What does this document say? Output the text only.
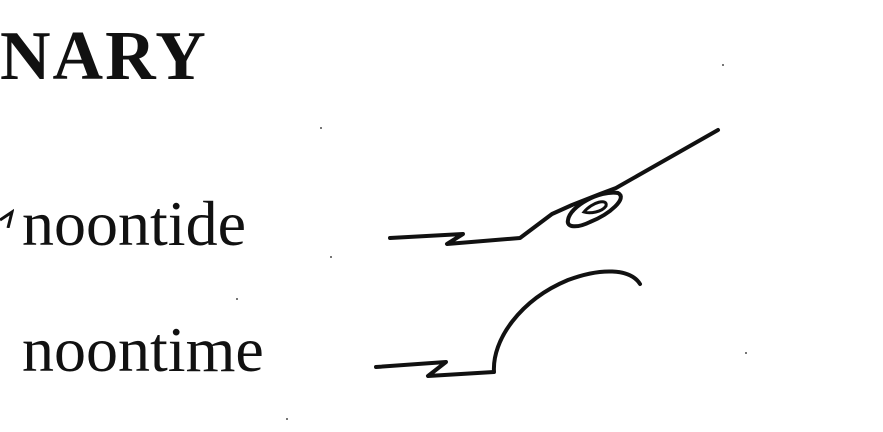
NARY
noontide
noontime
